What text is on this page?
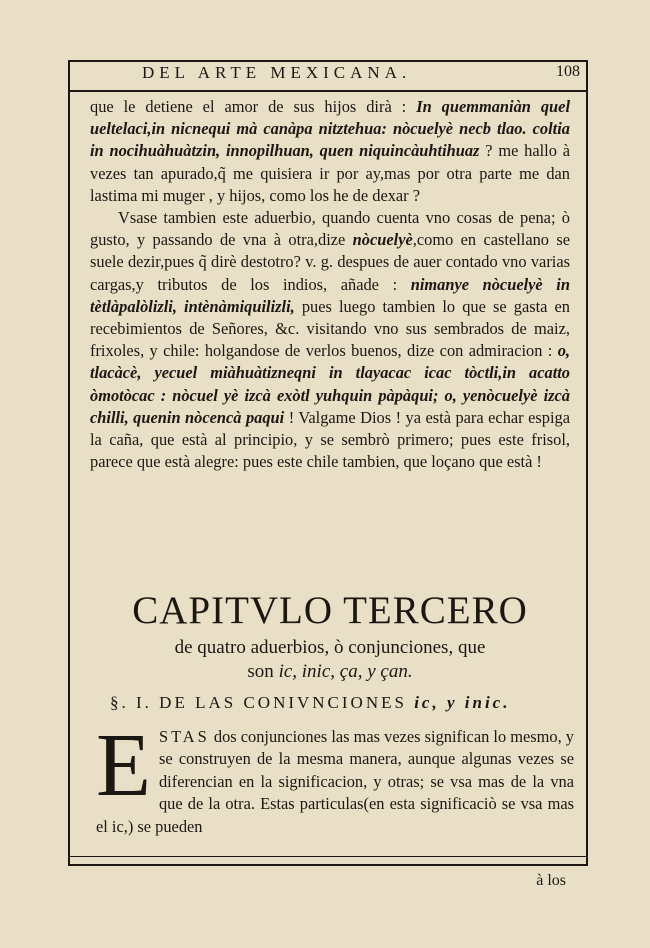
DEL ARTE MEXICANA.	108

que le detiene el amor de sus hijos dirà : In quemmaniàn quel ueltelaci,in nicnequi mà canàpa nitztehua: nòcuelyè necb tlao. coltia in nocihuàhuàtzin, innopilhuan, quen niquincàuhtihuaz ? me hallo à vezes tan apurado,q̃ me quisiera ir por ay,mas por otra parte me dan lastima mi muger , y hijos, como los he de dexar ?

Vsase tambien este aduerbio, quando cuenta vno cosas de pena; ò gusto, y passando de vna à otra,dize nòcuelyè,como en castellano se suele dezir,pues q̃ dirè destotro? v. g. despues de auer contado vno varias cargas,y tributos de los indios, añade : nimanye nòcuelyè in tètlàpalòlizli, intènàmiquilizli, pues luego tambien lo que se gasta en recebimientos de Señores, &c. visitando vno sus sembrados de maiz, frixoles, y chile: holgandose de verlos buenos, dize con admiracion : o, tlacàcè, yecuel miàhuàtizneqni in tlayacac icac tòctli,in acatto òmotòcac : nòcuel yè izcà exòtl yuhquin pàpàqui; o, yenòcuelyè izcà chilli, quenin nòcencà paqui ! Valgame Dios ! ya està para echar espiga la caña, que està al principio, y se sembrò primero; pues este frisol, parece que està alegre: pues este chile tambien, que loçano que està !

CAPITVLO TERCERO
de quatro aduerbios, ò conjunciones, que
son ic, inic, ça, y çan.
§. I. DE LAS CONIVNCIONES ic, y inic.
ESTAS dos conjunciones las mas vezes significan lo mesmo, y se construyen de la mesma manera, aunque algunas vezes se diferencian en la significacion, y otras; se vsa mas de la vna que de la otra. Estas particulas(en esta significaciò se vsa mas el ic,) se pueden
à los
